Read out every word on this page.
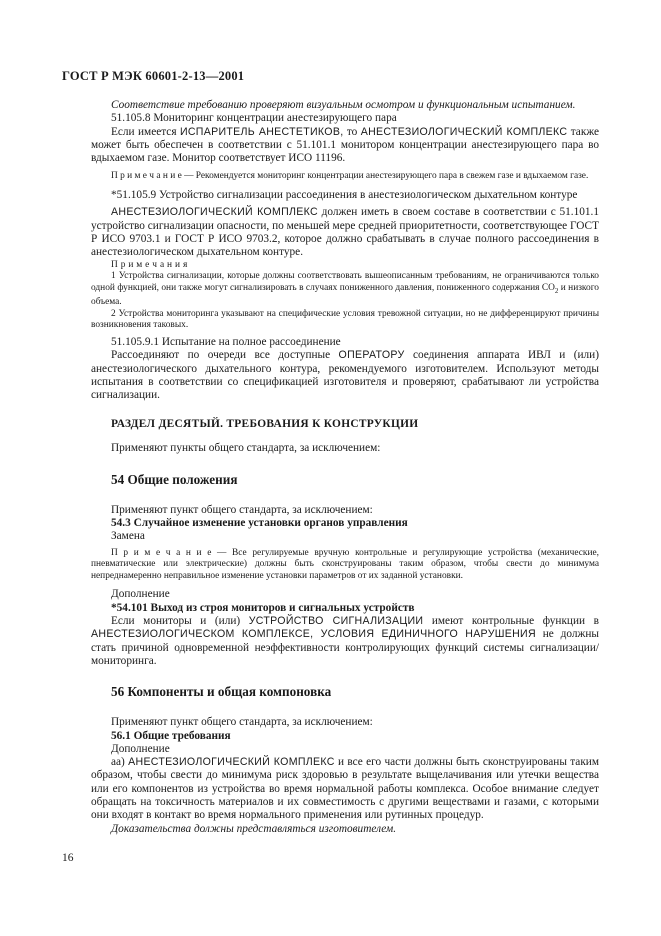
ГОСТ Р МЭК 60601-2-13—2001

Соответствие требованию проверяют визуальным осмотром и функциональным испытанием.

51.105.8 Мониторинг концентрации анестезирующего пара

Если имеется ИСПАРИТЕЛЬ АНЕСТЕТИКОВ, то АНЕСТЕЗИОЛОГИЧЕСКИЙ КОМПЛЕКС также может быть обеспечен в соответствии с 51.101.1 монитором концентрации анестезирующего пара во вдыхаемом газе. Монитор соответствует ИСО 11196.

П р и м е ч а н и е — Рекомендуется мониторинг концентрации анестезирующего пара в свежем газе и вдыхаемом газе.

*51.105.9 Устройство сигнализации рассоединения в анестезиологическом дыхательном контуре

АНЕСТЕЗИОЛОГИЧЕСКИЙ КОМПЛЕКС должен иметь в своем составе в соответствии с 51.101.1 устройство сигнализации опасности, по меньшей мере средней приоритетности, соответствующее ГОСТ Р ИСО 9703.1 и ГОСТ Р ИСО 9703.2, которое должно срабатывать в случае полного рассоединения в анестезиологическом дыхательном контуре.

П р и м е ч а н и я

1 Устройства сигнализации, которые должны соответствовать вышеописанным требованиям, не ограничиваются только одной функцией, они также могут сигнализировать в случаях пониженного давления, пониженного содержания $CO_2$ и низкого объема.

2 Устройства мониторинга указывают на специфические условия тревожной ситуации, но не дифференцируют причины возникновения таковых.

51.105.9.1 Испытание на полное рассоединение

Рассоединяют по очереди все доступные ОПЕРАТОРУ соединения аппарата ИВЛ и (или) анестезиологического дыхательного контура, рекомендуемого изготовителем. Используют методы испытания в соответствии со спецификацией изготовителя и проверяют, срабатывают ли устройства сигнализации.

РАЗДЕЛ ДЕСЯТЫЙ. ТРЕБОВАНИЯ К КОНСТРУКЦИИ

Применяют пункты общего стандарта, за исключением:

54 Общие положения

Применяют пункт общего стандарта, за исключением:

54.3 Случайное изменение установки органов управления

Замена

П р и м е ч а н и е — Все регулируемые вручную контрольные и регулирующие устройства (механические, пневматические или электрические) должны быть сконструированы таким образом, чтобы свести до минимума непреднамеренно неправильное изменение установки параметров от их заданной установки.

Дополнение

*54.101 Выход из строя мониторов и сигнальных устройств

Если мониторы и (или) УСТРОЙСТВО СИГНАЛИЗАЦИИ имеют контрольные функции в АНЕСТЕЗИОЛОГИЧЕСКОМ КОМПЛЕКСЕ, УСЛОВИЯ ЕДИНИЧНОГО НАРУШЕНИЯ не должны стать причиной одновременной неэффективности контролирующих функций системы сигнализации/мониторинга.

56 Компоненты и общая компоновка

Применяют пункт общего стандарта, за исключением:

56.1 Общие требования

Дополнение

аа) АНЕСТЕЗИОЛОГИЧЕСКИЙ КОМПЛЕКС и все его части должны быть сконструированы таким образом, чтобы свести до минимума риск здоровью в результате выщелачивания или утечки вещества или его компонентов из устройства во время нормальной работы комплекса. Особое внимание следует обращать на токсичность материалов и их совместимость с другими веществами и газами, с которыми они входят в контакт во время нормального применения или рутинных процедур.

Доказательства должны представляться изготовителем.

16
